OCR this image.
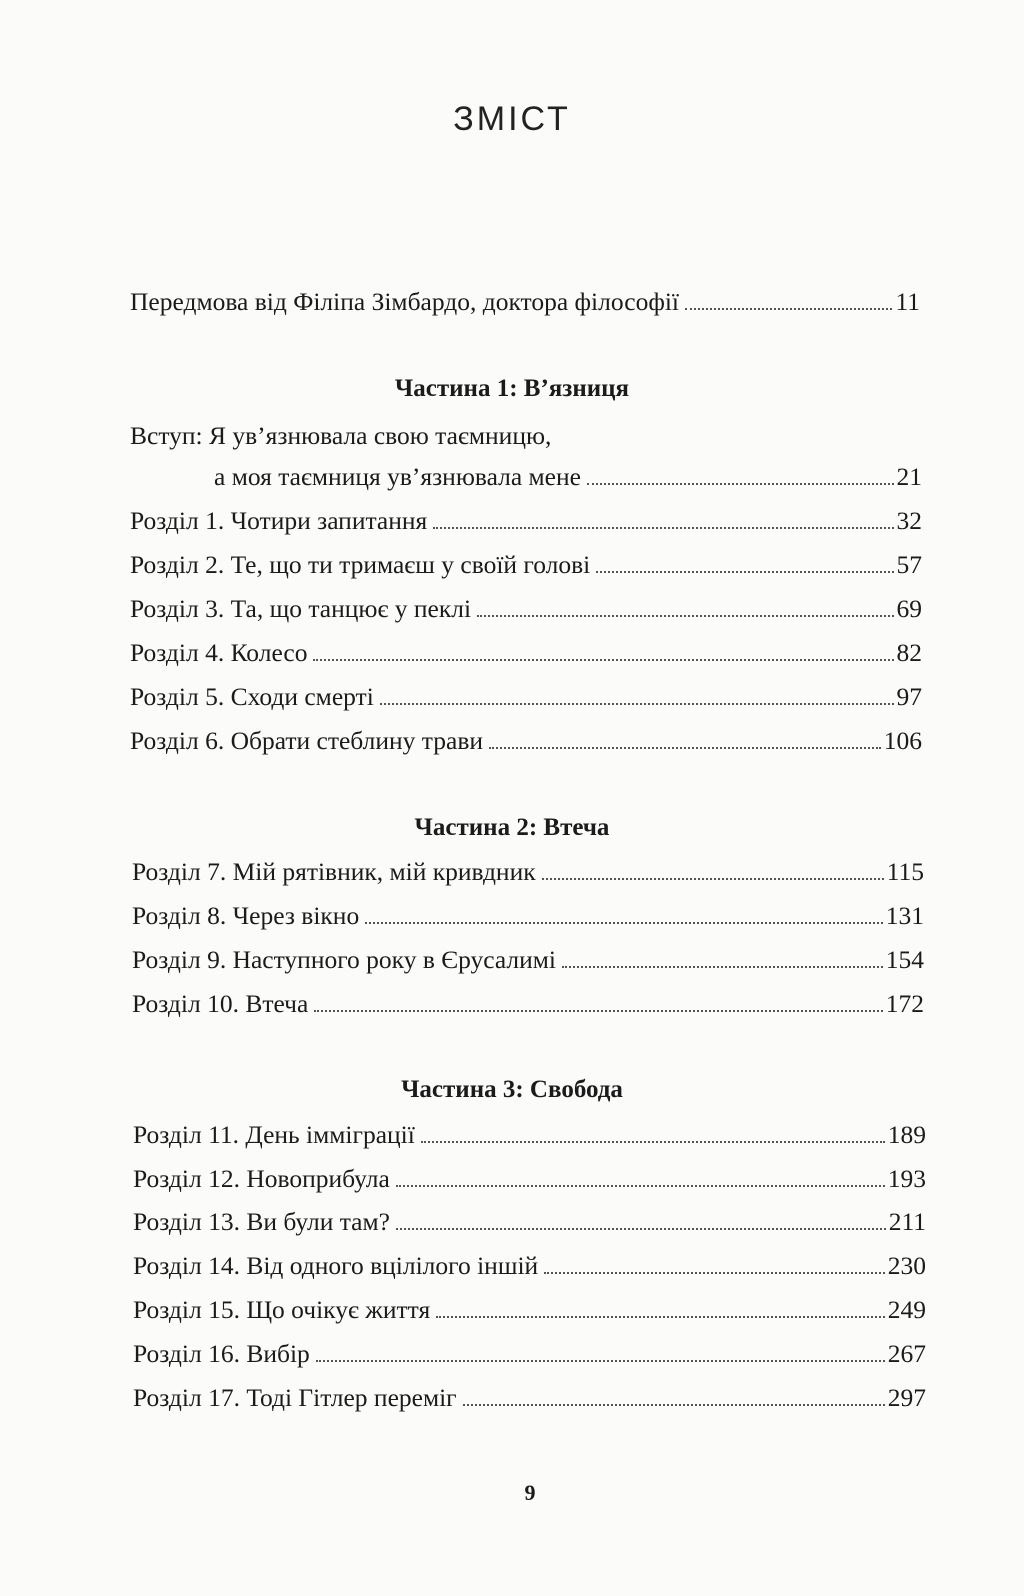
ЗМІСТ
Передмова від Філіпа Зімбардо, доктора філософії	11
Частина 1: В’язниця
Вступ: Я ув’язнювала свою таємницю,
а моя таємниця ув’язнювала мене	21
Розділ 1. Чотири запитання	32
Розділ 2. Те, що ти тримаєш у своїй голові	57
Розділ 3. Та, що танцює у пеклі	69
Розділ 4. Колесо	82
Розділ 5. Сходи смерті	97
Розділ 6. Обрати стеблину трави	106
Частина 2: Втеча
Розділ 7. Мій рятівник, мій кривдник	115
Розділ 8. Через вікно	131
Розділ 9. Наступного року в Єрусалимі	154
Розділ 10. Втеча	172
Частина 3: Свобода
Розділ 11. День імміграції	189
Розділ 12. Новоприбула	193
Розділ 13. Ви були там?	211
Розділ 14. Від одного вцілілого іншій	230
Розділ 15. Що очікує життя	249
Розділ 16. Вибір	267
Розділ 17. Тоді Гітлер переміг	297
9
